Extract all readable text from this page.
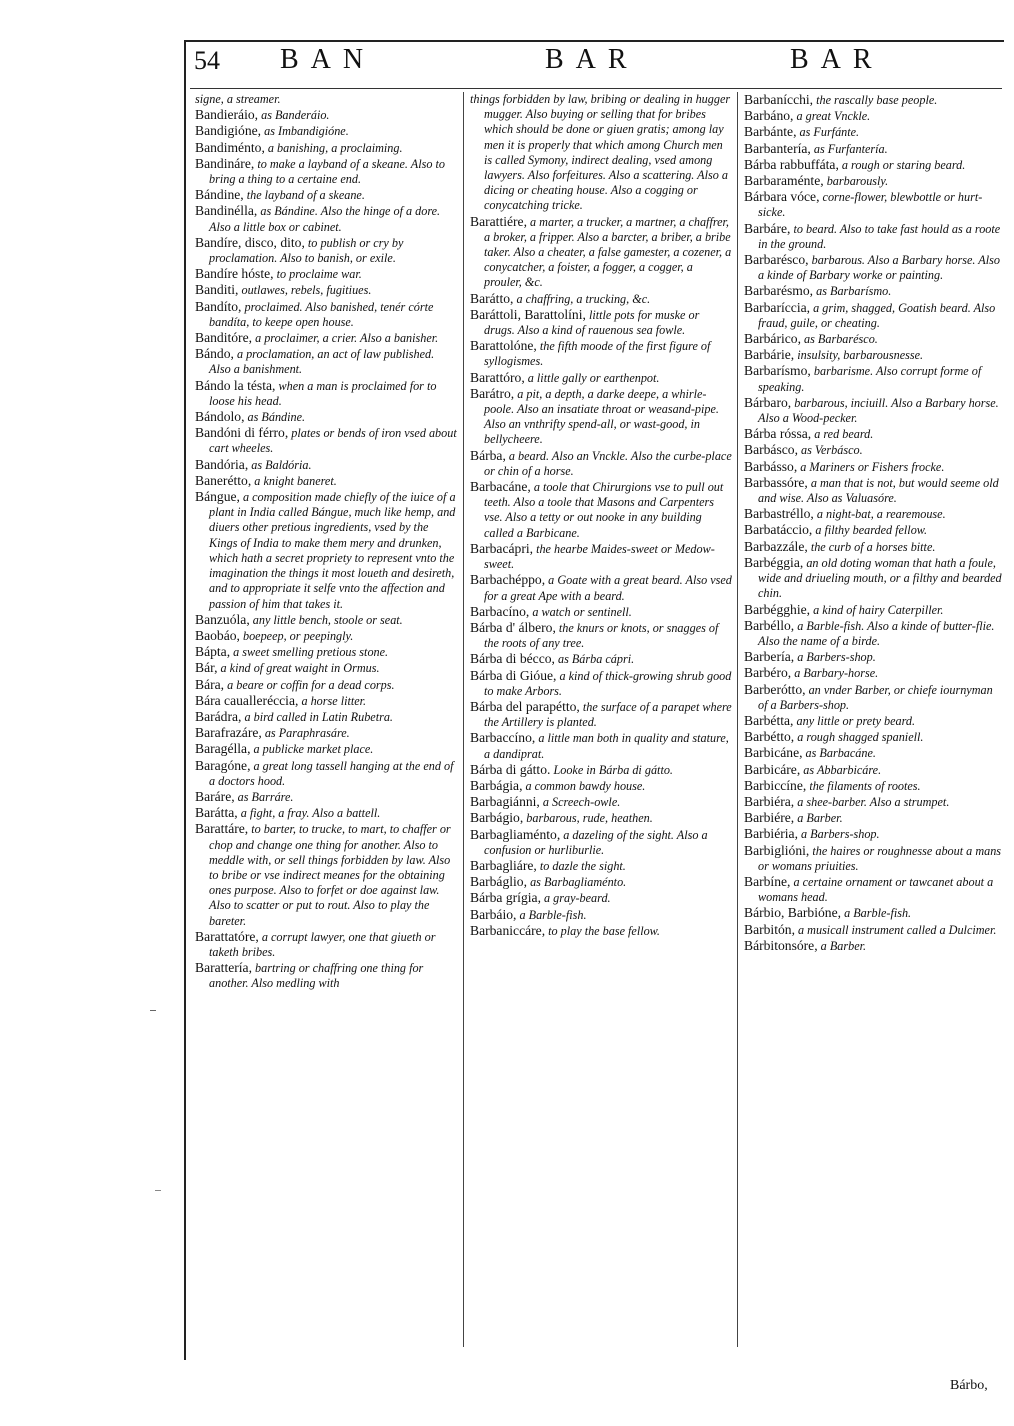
54 BAN	BAR	BAR

signe, a streamer.

Bandieráio, as Banderáio.

Bandigióne, as Imbandigióne.

Bandiménto, a banishing, a proclaiming.

Bandináre, to make a layband of a skeane. Also to bring a thing to a certaine end.

Bándine, the layband of a skeane.

Bandinélla, as Bándine. Also the hinge of a dore. Also a little box or cabinet.

Bandíre, disco, dito, to publish or cry by proclamation. Also to banish, or exile.

Bandíre hóste, to proclaime war.

Banditi, outlawes, rebels, fugitiues.

Bandíto, proclaimed. Also banished, tenér córte bandíta, to keepe open house.

Banditóre, a proclaimer, a crier. Also a banisher.

Bándo, a proclamation, an act of law published. Also a banishment.

Bándo la tésta, when a man is proclaimed for to loose his head.

Bándolo, as Bándine.

Bandóni di férro, plates or bends of iron vsed about cart wheeles.

Bandória, as Baldória.

Banerétto, a knight baneret.

Bángue, a composition made chiefly of the iuice of a plant in India called Bángue, much like hemp, and diuers other pretious ingredients, vsed by the Kings of India to make them mery and drunken, which hath a secret propriety to represent vnto the imagination the things it most loueth and desireth, and to appropriate it selfe vnto the affection and passion of him that takes it.

Banzuóla, any little bench, stoole or seat.

Baobáo, boepeep, or peepingly.

Bápta, a sweet smelling pretious stone.

Bár, a kind of great waight in Ormus.

Bára, a beare or coffin for a dead corps.

Bára caualleréccia, a horse litter.

Barádra, a bird called in Latin Rubetra.

Barafrazáre, as Paraphrasáre.

Baragélla, a publicke market place.

Baragóne, a great long tassell hanging at the end of a doctors hood.

Baráre, as Barráre.

Barátta, a fight, a fray. Also a battell.

Barattáre, to barter, to trucke, to mart, to chaffer or chop and change one thing for another. Also to meddle with, or sell things forbidden by law. Also to bribe or vse indirect meanes for the obtaining ones purpose. Also to forfet or doe against law. Also to scatter or put to rout. Also to play the bareter.

Barattatóre, a corrupt lawyer, one that giueth or taketh bribes.

Barattería, bartring or chaffring one thing for another. Also medling with

things forbidden by law, bribing or dealing in hugger mugger. Also buying or selling that for bribes which should be done or giuen gratis; among lay men it is properly that which among Church men is called Symony, indirect dealing, vsed among lawyers. Also forfeitures. Also a scattering. Also a dicing or cheating house. Also a cogging or conycatching tricke.

Barattiére, a marter, a trucker, a martner, a chaffrer, a broker, a fripper. Also a barcter, a briber, a bribe taker. Also a cheater, a false gamester, a cozener, a conycatcher, a foister, a fogger, a cogger, a prouler, &c.

Barátto, a chaffring, a trucking, &c.

Baráttoli, Barattolíni, little pots for muske or drugs. Also a kind of rauenous sea fowle.

Barattolóne, the fifth moode of the first figure of syllogismes.

Barattóro, a little gally or earthenpot.

Barátro, a pit, a depth, a darke deepe, a whirle-poole. Also an insatiate throat or weasand-pipe. Also an vnthrifty spend-all, or wast-good, in bellycheere.

Bárba, a beard. Also an Vnckle. Also the curbe-place or chin of a horse.

Barbacáne, a toole that Chirurgions vse to pull out teeth. Also a toole that Masons and Carpenters vse. Also a tetty or out nooke in any building called a Barbicane.

Barbacápri, the hearbe Maides-sweet or Medow-sweet.

Barbachéppo, a Goate with a great beard. Also vsed for a great Ape with a beard.

Barbacíno, a watch or sentinell.

Bárba d' álbero, the knurs or knots, or snagges of the roots of any tree.

Bárba di bécco, as Bárba cápri.

Bárba di Gióue, a kind of thick-growing shrub good to make Arbors.

Bárba del parapétto, the surface of a parapet where the Artillery is planted.

Barbaccíno, a little man both in quality and stature, a dandiprat.

Bárba di gátto. Looke in Bárba di gátto.

Barbágia, a common bawdy house.

Barbagiánni, a Screech-owle.

Barbágio, barbarous, rude, heathen.

Barbagliaménto, a dazeling of the sight. Also a confusion or hurliburlie.

Barbagliáre, to dazle the sight.

Barbáglio, as Barbagliaménto.

Bárba grígia, a gray-beard.

Barbáio, a Barble-fish.

Barbaniccáre, to play the base fellow.

Barbanícchi, the rascally base people.

Barbáno, a great Vnckle.

Barbánte, as Furfánte.

Barbantería, as Furfantería.

Bárba rabbuffáta, a rough or staring beard.

Barbaraménte, barbarously.

Bárbara vóce, corne-flower, blewbottle or hurt-sicke.

Barbáre, to beard. Also to take fast hould as a roote in the ground.

Barbarésco, barbarous. Also a Barbary horse. Also a kinde of Barbary worke or painting.

Barbarésmo, as Barbarísmo.

Barbaríccia, a grim, shagged, Goatish beard. Also fraud, guile, or cheating.

Barbárico, as Barbarésco.

Barbárie, insulsity, barbarousnesse.

Barbarísmo, barbarisme. Also corrupt forme of speaking.

Bárbaro, barbarous, inciuill. Also a Barbary horse. Also a Wood-pecker.

Bárba róssa, a red beard.

Barbásco, as Verbásco.

Barbásso, a Mariners or Fishers frocke.

Barbassóre, a man that is not, but would seeme old and wise. Also as Valuasóre.

Barbastréllo, a night-bat, a rearemouse.

Barbatáccio, a filthy bearded fellow.

Barbazzále, the curb of a horses bitte.

Barbéggia, an old doting woman that hath a foule, wide and driueling mouth, or a filthy and bearded chin.

Barbégghie, a kind of hairy Caterpiller.

Barbéllo, a Barble-fish. Also a kinde of butter-flie. Also the name of a birde.

Barbería, a Barbers-shop.

Barbéro, a Barbary-horse.

Barberótto, an vnder Barber, or chiefe iournyman of a Barbers-shop.

Barbétta, any little or prety beard.

Barbétto, a rough shagged spaniell.

Barbicáne, as Barbacáne.

Barbicáre, as Abbarbicáre.

Barbiccíne, the filaments of rootes.

Barbiéra, a shee-barber. Also a strumpet.

Barbiére, a Barber.

Barbiéria, a Barbers-shop.

Barbiglióni, the haires or roughnesse about a mans or womans priuities.

Barbíne, a certaine ornament or tawcanet about a womans head.

Bárbio, Barbióne, a Barble-fish.

Barbitón, a musicall instrument called a Dulcimer.

Bárbitonsóre, a Barber.

Bárbo,
